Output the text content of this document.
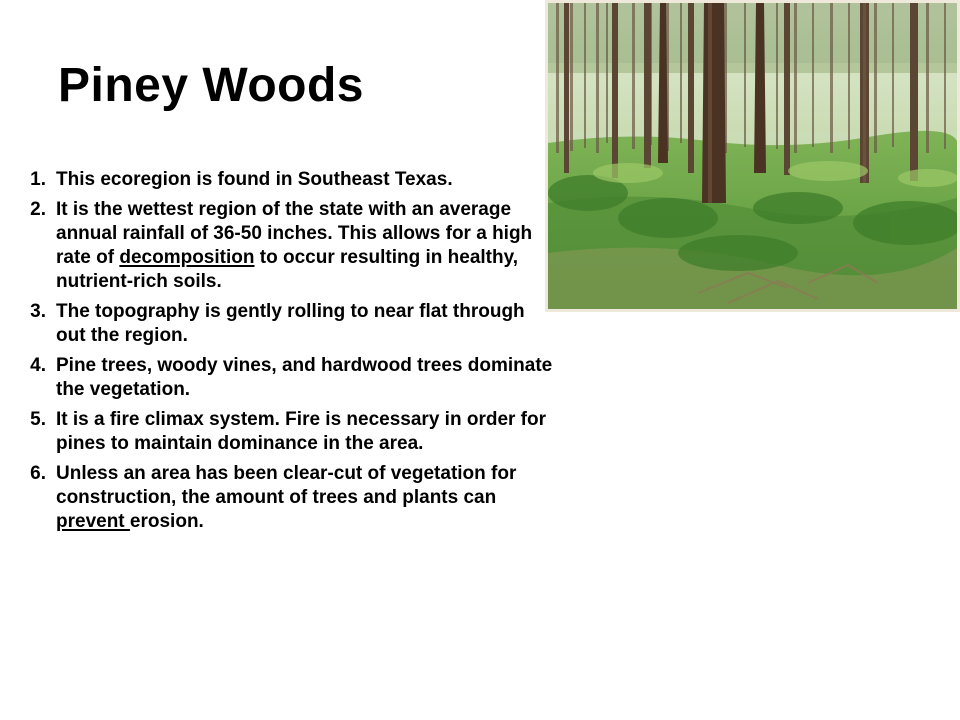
Piney Woods
1. This ecoregion is found in Southeast Texas.
2. It is the wettest region of the state with an average annual rainfall of 36-50 inches. This allows for a high rate of decomposition to occur resulting in healthy, nutrient-rich soils.
3. The topography is gently rolling to near flat through out the region.
4. Pine trees, woody vines, and hardwood trees dominate the vegetation.
5. It is a fire climax system. Fire is necessary in order for pines to maintain dominance in the area.
6. Unless an area has been clear-cut of vegetation for construction, the amount of trees and plants can prevent erosion.
